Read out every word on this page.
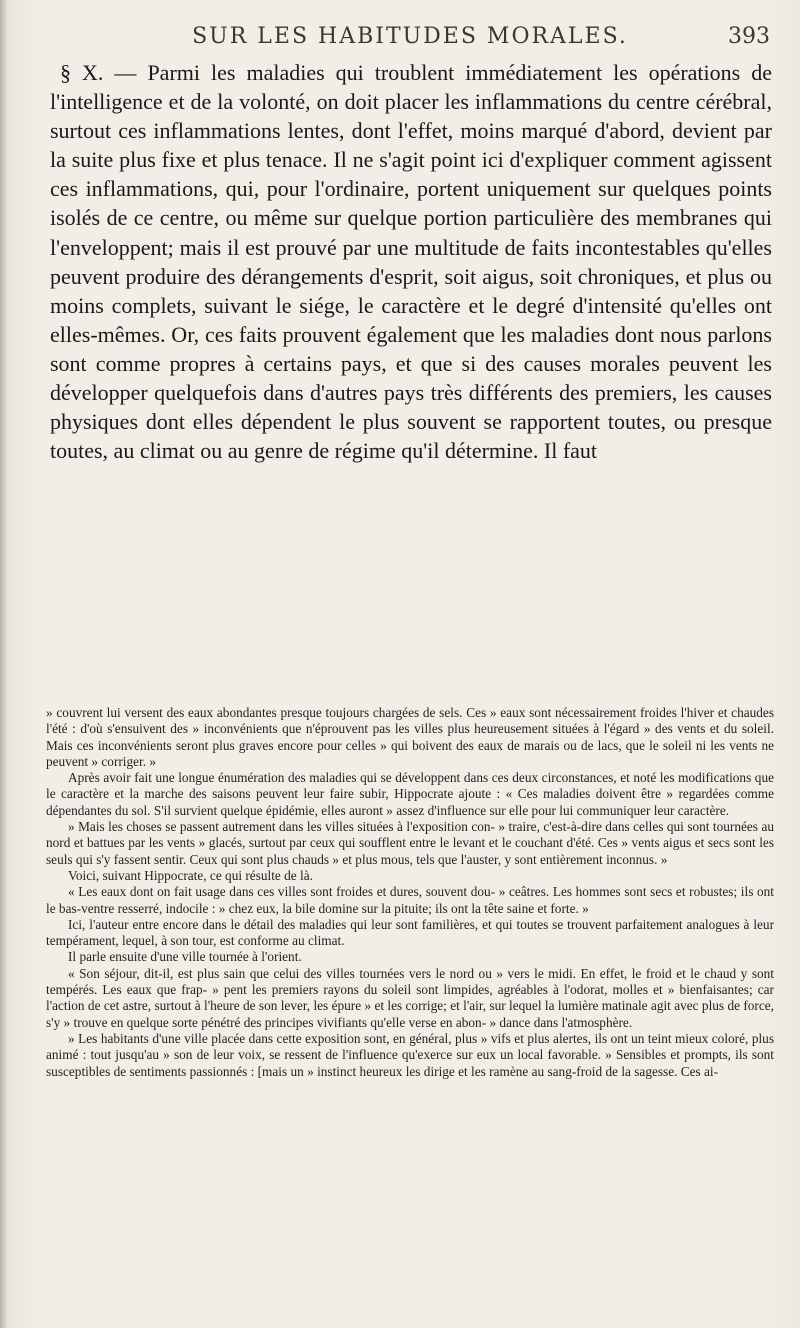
SUR LES HABITUDES MORALES.	393

§ X. — Parmi les maladies qui troublent immédiatement les opérations de l'intelligence et de la volonté, on doit placer les inflammations du centre cérébral, surtout ces inflammations lentes, dont l'effet, moins marqué d'abord, devient par la suite plus fixe et plus tenace. Il ne s'agit point ici d'expliquer comment agissent ces inflammations, qui, pour l'ordinaire, portent uniquement sur quelques points isolés de ce centre, ou même sur quelque portion particulière des membranes qui l'enveloppent; mais il est prouvé par une multitude de faits incontestables qu'elles peuvent produire des dérangements d'esprit, soit aigus, soit chroniques, et plus ou moins complets, suivant le siége, le caractère et le degré d'intensité qu'elles ont elles-mêmes. Or, ces faits prouvent également que les maladies dont nous parlons sont comme propres à certains pays, et que si des causes morales peuvent les développer quelquefois dans d'autres pays très différents des premiers, les causes physiques dont elles dépendent le plus souvent se rapportent toutes, ou presque toutes, au climat ou au genre de régime qu'il détermine. Il faut

» couvrent lui versent des eaux abondantes presque toujours chargées de sels. Ces » eaux sont nécessairement froides l'hiver et chaudes l'été : d'où s'ensuivent des » inconvénients que n'éprouvent pas les villes plus heureusement situées à l'égard » des vents et du soleil. Mais ces inconvénients seront plus graves encore pour celles » qui boivent des eaux de marais ou de lacs, que le soleil ni les vents ne peuvent » corriger. »

Après avoir fait une longue énumération des maladies qui se développent dans ces deux circonstances, et noté les modifications que le caractère et la marche des saisons peuvent leur faire subir, Hippocrate ajoute : « Ces maladies doivent être » regardées comme dépendantes du sol. S'il survient quelque épidémie, elles auront » assez d'influence sur elle pour lui communiquer leur caractère.

» Mais les choses se passent autrement dans les villes situées à l'exposition con- » traire, c'est-à-dire dans celles qui sont tournées au nord et battues par les vents » glacés, surtout par ceux qui soufflent entre le levant et le couchant d'été. Ces » vents aigus et secs sont les seuls qui s'y fassent sentir. Ceux qui sont plus chauds » et plus mous, tels que l'auster, y sont entièrement inconnus. »

Voici, suivant Hippocrate, ce qui résulte de là.

« Les eaux dont on fait usage dans ces villes sont froides et dures, souvent dou- » ceâtres. Les hommes sont secs et robustes; ils ont le bas-ventre resserré, indocile : » chez eux, la bile domine sur la pituite; ils ont la tête saine et forte. »

Ici, l'auteur entre encore dans le détail des maladies qui leur sont familières, et qui toutes se trouvent parfaitement analogues à leur tempérament, lequel, à son tour, est conforme au climat.

Il parle ensuite d'une ville tournée à l'orient.

« Son séjour, dit-il, est plus sain que celui des villes tournées vers le nord ou » vers le midi. En effet, le froid et le chaud y sont tempérés. Les eaux que frap- » pent les premiers rayons du soleil sont limpides, agréables à l'odorat, molles et » bienfaisantes; car l'action de cet astre, surtout à l'heure de son lever, les épure » et les corrige; et l'air, sur lequel la lumière matinale agit avec plus de force, s'y » trouve en quelque sorte pénétré des principes vivifiants qu'elle verse en abon- » dance dans l'atmosphère.

» Les habitants d'une ville placée dans cette exposition sont, en général, plus » vifs et plus alertes, ils ont un teint mieux coloré, plus animé : tout jusqu'au » son de leur voix, se ressent de l'influence qu'exerce sur eux un local favorable. » Sensibles et prompts, ils sont susceptibles de sentiments passionnés : [mais un » instinct heureux les dirige et les ramène au sang-froid de la sagesse. Ces ai-
